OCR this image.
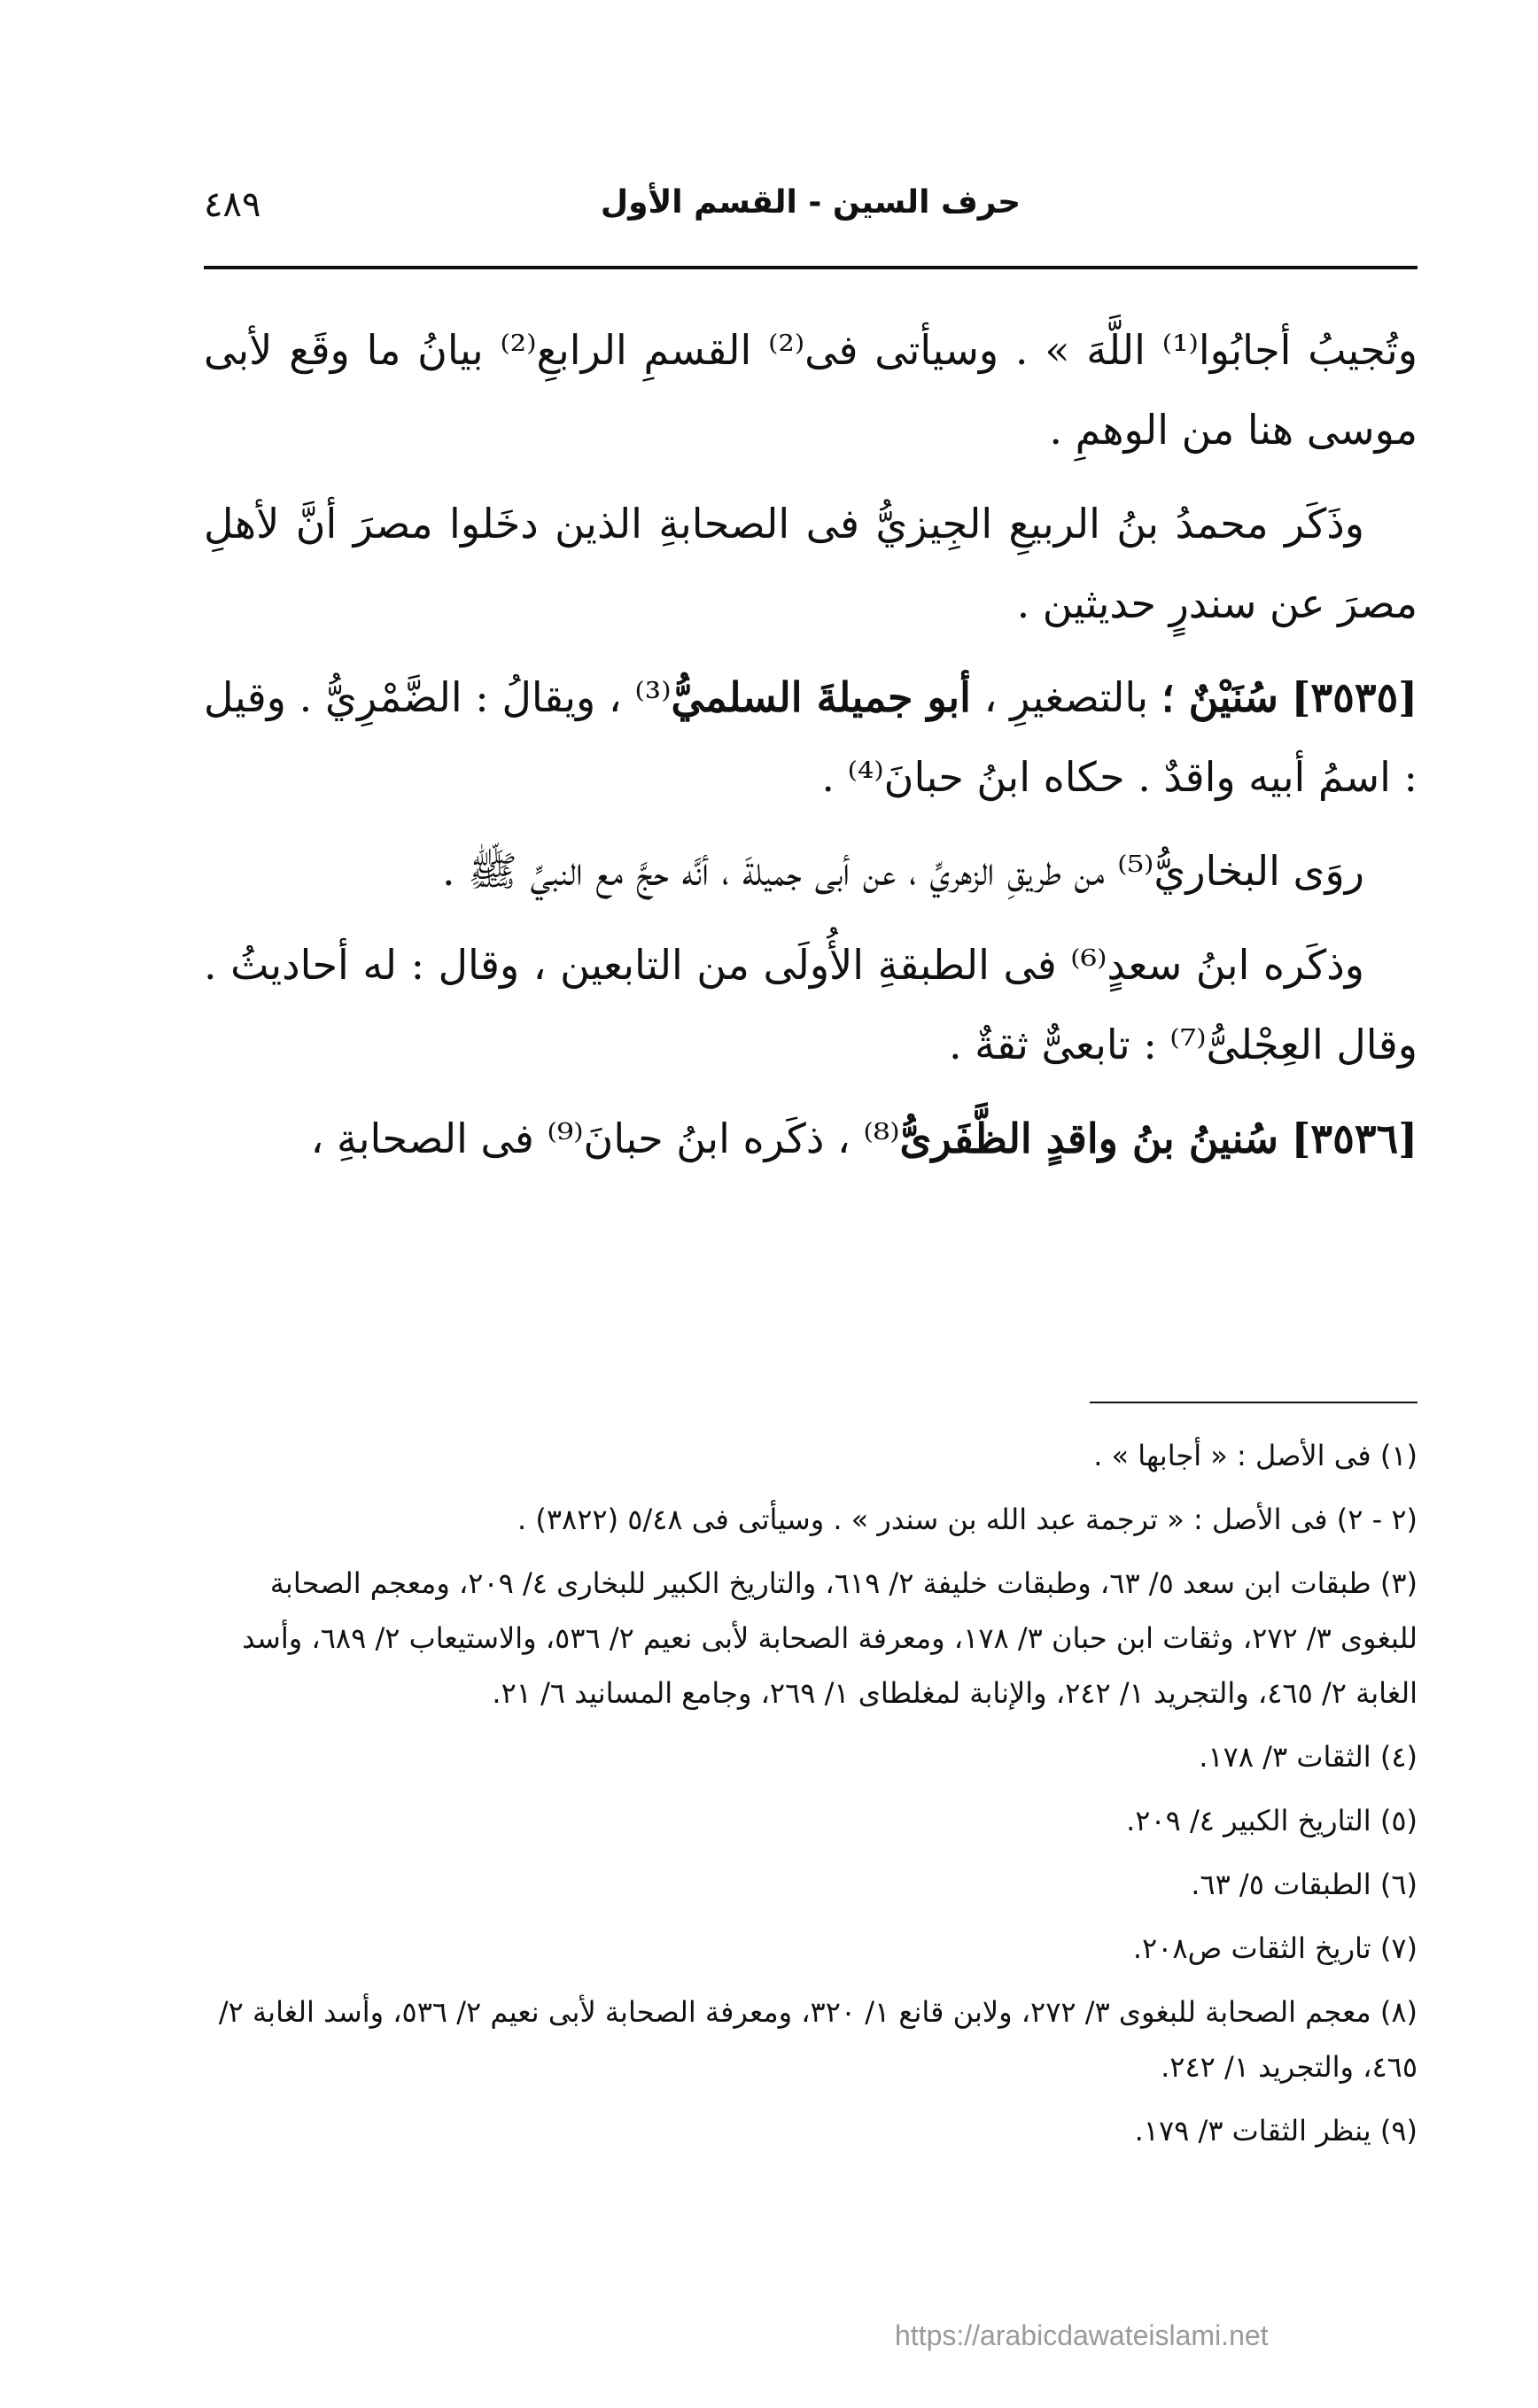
حرف السين - القسم الأول
٤٨٩

وتُجيبُ أجابُوا⁽¹⁾ اللَّهَ » . وسيأتى فى⁽²⁾ القسمِ الرابعِ⁽²⁾ بيانُ ما وقَع لأبى موسى هنا من الوهمِ .

وذَكَر محمدُ بنُ الربيعِ الجِيزيُّ فى الصحابةِ الذين دخَلوا مصرَ أنَّ لأهلِ مصرَ عن سندرٍ حديثين .

[٣٥٣٥] سُنَيْنٌ ؛ بالتصغيرِ ، أبو جميلةَ السلميُّ⁽³⁾ ، ويقالُ : الضَّمْرِيُّ . وقيل : اسمُ أبيه واقدٌ . حكاه ابنُ حبانَ⁽⁴⁾ .

روَى البخاريُّ⁽⁵⁾ من طريقِ الزهريِّ ، عن أبى جميلةَ ، أنَّه حجَّ مع النبيِّ ﷺ .

وذكَره ابنُ سعدٍ⁽⁶⁾ فى الطبقةِ الأُولَى من التابعين ، وقال : له أحاديثُ . وقال العِجْلىُّ⁽⁷⁾ : تابعىٌّ ثقةٌ .

[٣٥٣٦] سُنينُ بنُ واقدٍ الظَّفَرىُّ⁽⁸⁾ ، ذكَره ابنُ حبانَ⁽⁹⁾ فى الصحابةِ ،

(١) فى الأصل : « أجابها » .

(٢ - ٢) فى الأصل : « ترجمة عبد الله بن سندر » . وسيأتى فى ٥/٤٨ (٣٨٢٢) .

(٣) طبقات ابن سعد ٥/ ٦٣، وطبقات خليفة ٢/ ٦١٩، والتاريخ الكبير للبخارى ٤/ ٢٠٩، ومعجم الصحابة للبغوى ٣/ ٢٧٢، وثقات ابن حبان ٣/ ١٧٨، ومعرفة الصحابة لأبى نعيم ٢/ ٥٣٦، والاستيعاب ٢/ ٦٨٩، وأسد الغابة ٢/ ٤٦٥، والتجريد ١/ ٢٤٢، والإنابة لمغلطاى ١/ ٢٦٩، وجامع المسانيد ٦/ ٢١.

(٤) الثقات ٣/ ١٧٨.

(٥) التاريخ الكبير ٤/ ٢٠٩.

(٦) الطبقات ٥/ ٦٣.

(٧) تاريخ الثقات ص٢٠٨.

(٨) معجم الصحابة للبغوى ٣/ ٢٧٢، ولابن قانع ١/ ٣٢٠، ومعرفة الصحابة لأبى نعيم ٢/ ٥٣٦، وأسد الغابة ٢/ ٤٦٥، والتجريد ١/ ٢٤٢.

(٩) ينظر الثقات ٣/ ١٧٩.

https://arabicdawateislami.net
